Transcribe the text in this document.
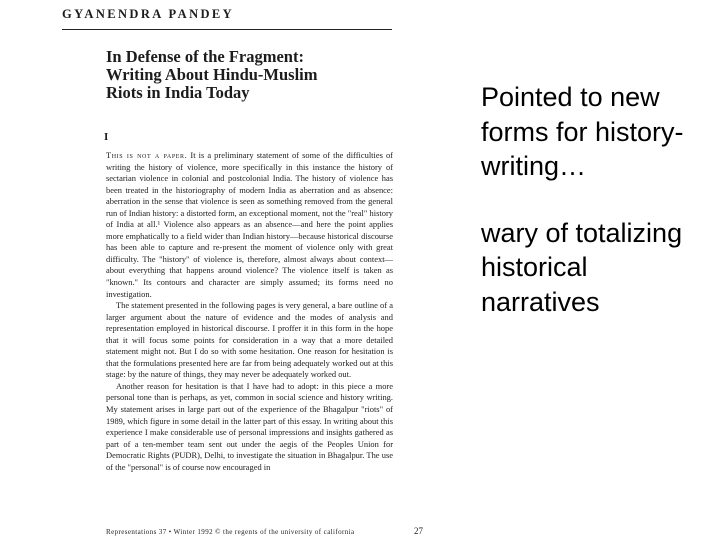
GYANENDRA PANDEY
In Defense of the Fragment:
Writing About Hindu-Muslim
Riots in India Today
I

This is not a paper. It is a preliminary statement of some of the difficulties of writing the history of violence, more specifically in this instance the history of sectarian violence in colonial and postcolonial India. The history of violence has been treated in the historiography of modern India as aberration and as absence: aberration in the sense that violence is seen as something removed from the general run of Indian history: a distorted form, an exceptional moment, not the "real" history of India at all.¹ Violence also appears as an absence—and here the point applies more emphatically to a field wider than Indian history—because historical discourse has been able to capture and re-present the moment of violence only with great difficulty. The "history" of violence is, therefore, almost always about context—about everything that happens around violence? The violence itself is taken as "known." Its contours and character are simply assumed; its forms need no investigation.

The statement presented in the following pages is very general, a bare outline of a larger argument about the nature of evidence and the modes of analysis and representation employed in historical discourse. I proffer it in this form in the hope that it will focus some points for consideration in a way that a more detailed statement might not. But I do so with some hesitation. One reason for hesitation is that the formulations presented here are far from being adequately worked out at this stage: by the nature of things, they may never be adequately worked out.

Another reason for hesitation is that I have had to adopt: in this piece a more personal tone than is perhaps, as yet, common in social science and history writing. My statement arises in large part out of the experience of the Bhagalpur "riots" of 1989, which figure in some detail in the latter part of this essay. In writing about this experience I make considerable use of personal impressions and insights gathered as part of a ten-member team sent out under the aegis of the Peoples Union for Democratic Rights (PUDR), Delhi, to investigate the situation in Bhagalpur. The use of the "personal" is of course now encouraged in

Representations 37 • Winter 1992 © the regents of the university of california	27

Pointed to new forms for history-writing…

wary of totalizing historical narratives
